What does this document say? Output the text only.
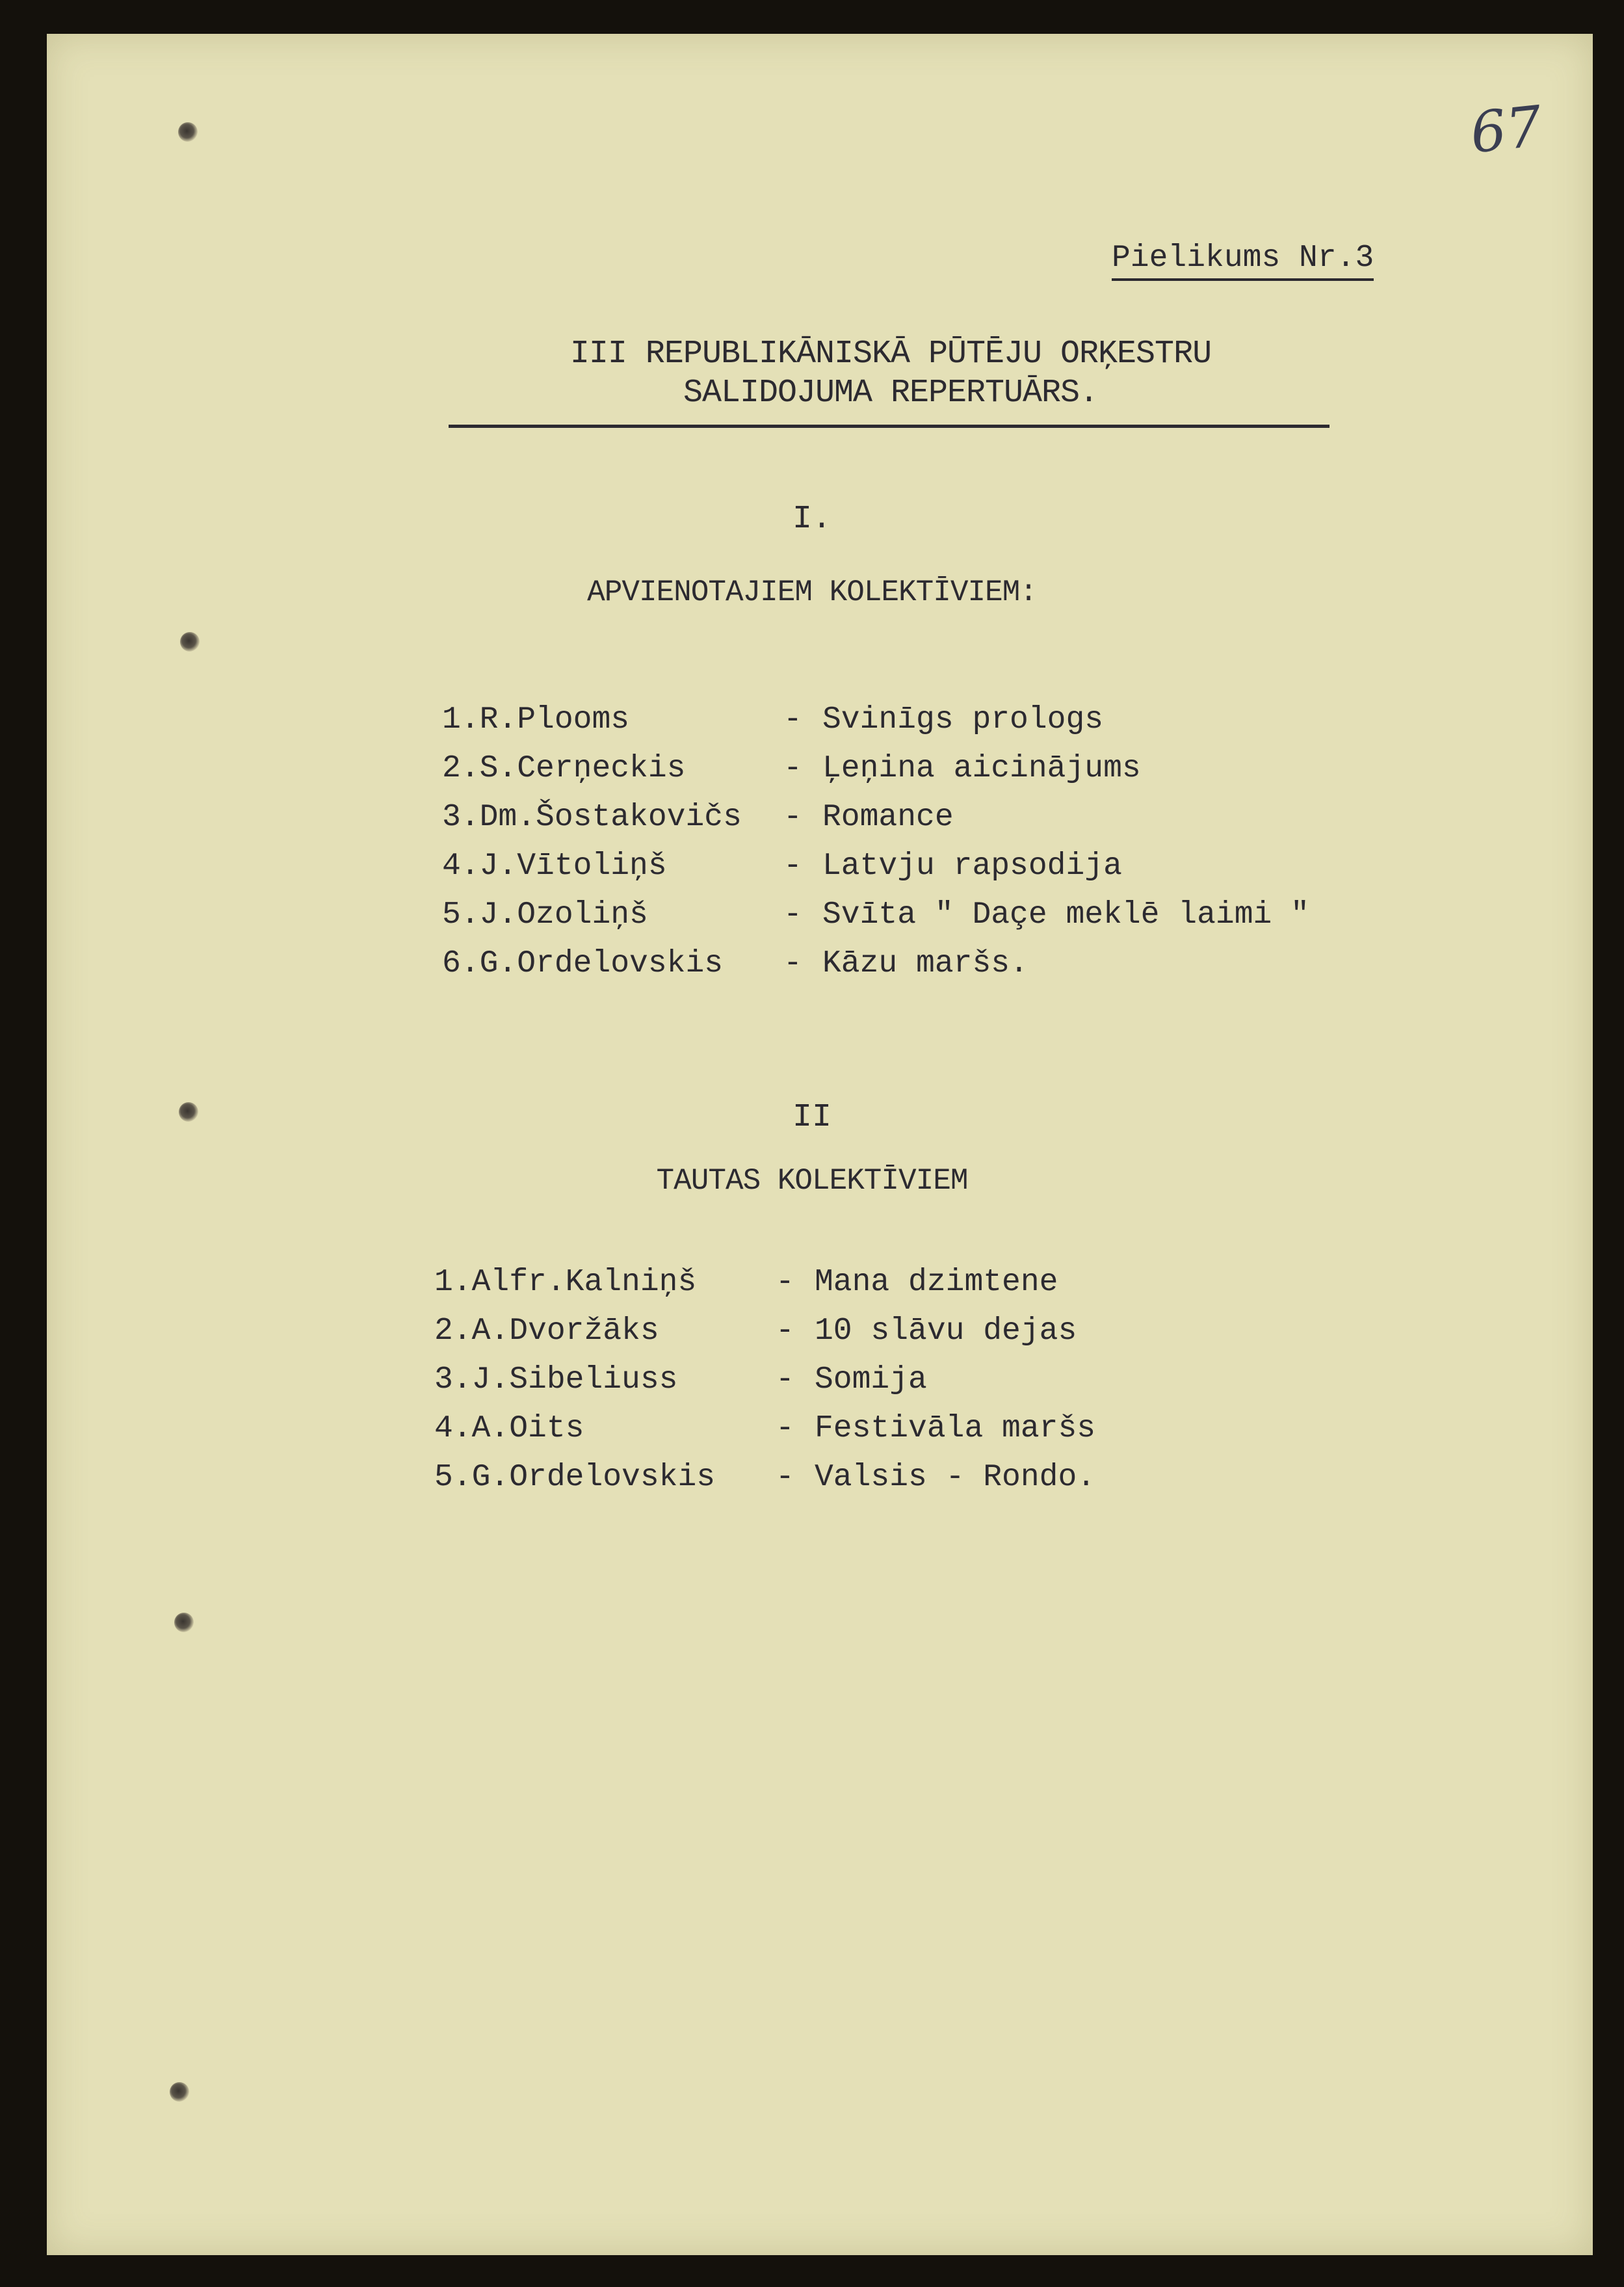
67
Pielikums Nr.3
III REPUBLIKĀNISKĀ PŪTĒJU ORĶESTRU
SALIDOJUMA REPERTUĀRS.
I.
APVIENOTAJIEM KOLEKTĪVIEM:
1.R.Plooms	- Svinīgs prologs
2.S.Cerņeckis	- Ļeņina aicinājums
3.Dm.Šostakovičs	- Romance
4.J.Vītoliņš	- Latvju rapsodija
5.J.Ozoliņš	- Svīta " Daçe meklē laimi "
6.G.Ordelovskis	- Kāzu maršs.
II
TAUTAS KOLEKTĪVIEM
1.Alfr.Kalniņš	- Mana dzimtene
2.A.Dvoržāks	- 10 slāvu dejas
3.J.Sibeliuss	- Somija
4.A.Oits	- Festivāla maršs
5.G.Ordelovskis	- Valsis - Rondo.
